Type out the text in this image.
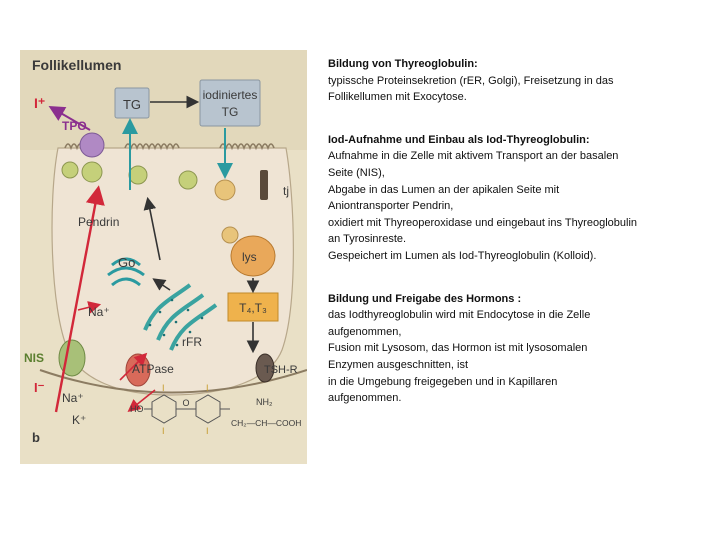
Follikellumen
I⁺	TG
iodiniertes
TG
TPO
tj
Pendrin
Go	lys
Na⁺	T₄,T₃
rFR
NIS
ATPase	TSH-R
I⁻
Na⁺
K⁺
b
HO
O
I
I
I
I
NH₂
CH₂—CH—COOH

Bildung von Thyreoglobulin:

typissche Proteinsekretion (rER, Golgi), Freisetzung in das

Follikellumen mit Exocytose.

Iod-Aufnahme und Einbau als Iod-Thyreoglobulin:

Aufnahme in die Zelle mit aktivem Transport an der basalen

Seite (NIS),

Abgabe in das Lumen an der apikalen Seite mit

Aniontransporter Pendrin,

oxidiert mit Thyreoperoxidase und eingebaut ins Thyreoglobulin

an Tyrosinreste.

Gespeichert im Lumen als Iod-Thyreoglobulin (Kolloid).

Bildung und Freigabe des Hormons :

das Iodthyreoglobulin wird mit Endocytose in die Zelle

aufgenommen,

Fusion mit Lysosom, das Hormon ist mit lysosomalen

Enzymen ausgeschnitten, ist

in die Umgebung freigegeben und in Kapillaren

aufgenommen.
